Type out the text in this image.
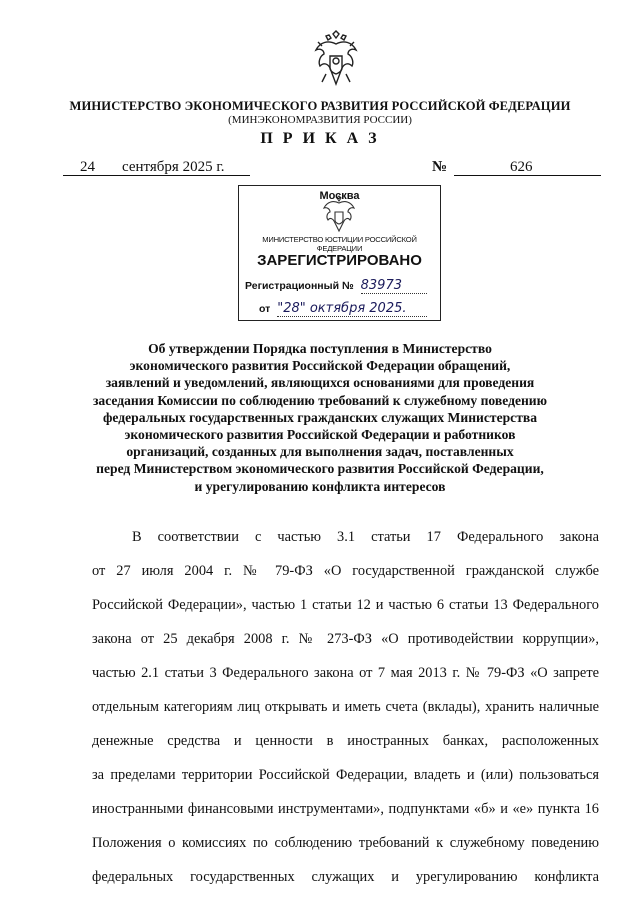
МИНИСТЕРСТВО ЭКОНОМИЧЕСКОГО РАЗВИТИЯ РОССИЙСКОЙ ФЕДЕРАЦИИ
(МИНЭКОНОМРАЗВИТИЯ РОССИИ)
П Р И К А З
24 сентября 2025 г.	№	626
Москва
МИНИСТЕРСТВО ЮСТИЦИИ РОССИЙСКОЙ ФЕДЕРАЦИИ
ЗАРЕГИСТРИРОВАНО
Регистрационный № 83973
от "28" октября 2025.
Об утверждении Порядка поступления в Министерство
экономического развития Российской Федерации обращений,
заявлений и уведомлений, являющихся основаниями для проведения
заседания Комиссии по соблюдению требований к служебному поведению
федеральных государственных гражданских служащих Министерства
экономического развития Российской Федерации и работников
организаций, созданных для выполнения задач, поставленных
перед Министерством экономического развития Российской Федерации,
и урегулированию конфликта интересов
В соответствии с частью 3.1 статьи 17 Федерального закона
от 27 июля 2004 г. № 79-ФЗ «О государственной гражданской службе
Российской Федерации», частью 1 статьи 12 и частью 6 статьи 13 Федерального
закона от 25 декабря 2008 г. № 273-ФЗ «О противодействии коррупции»,
частью 2.1 статьи 3 Федерального закона от 7 мая 2013 г. № 79-ФЗ «О запрете
отдельным категориям лиц открывать и иметь счета (вклады), хранить наличные
денежные средства и ценности в иностранных банках, расположенных
за пределами территории Российской Федерации, владеть и (или) пользоваться
иностранными финансовыми инструментами», подпунктами «б» и «е» пункта 16
Положения о комиссиях по соблюдению требований к служебному поведению
федеральных государственных служащих и урегулированию конфликта
